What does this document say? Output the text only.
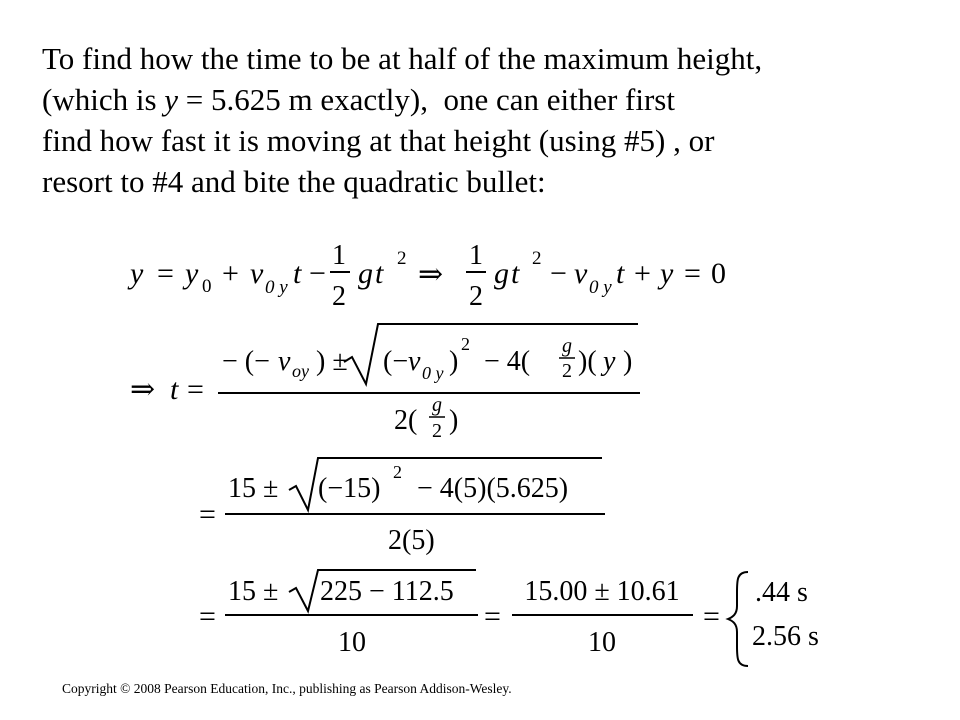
To find how the time to be at half of the maximum height,
(which is y = 5.625 m exactly),  one can either first
find how fast it is moving at that height (using #5) , or
resort to #4 and bite the quadratic bullet:
y = y 0 + v 0 y t −
1
2
g t 2 ⇒
1
2
g t 2 − v 0 y t + y = 0
⇒ t =
− (− v oy ) ± (− v 0 y )
2
− 4( g
2 )( y )
2( g
2 )
=
15 ± (−15)
2
− 4(5)(5.625)
2(5)
=
15 ± 225 − 112.5
10
=
15.00 ± 10.61
10
=
.44 s
2.56 s
Copyright © 2008 Pearson Education, Inc., publishing as Pearson Addison-Wesley.
